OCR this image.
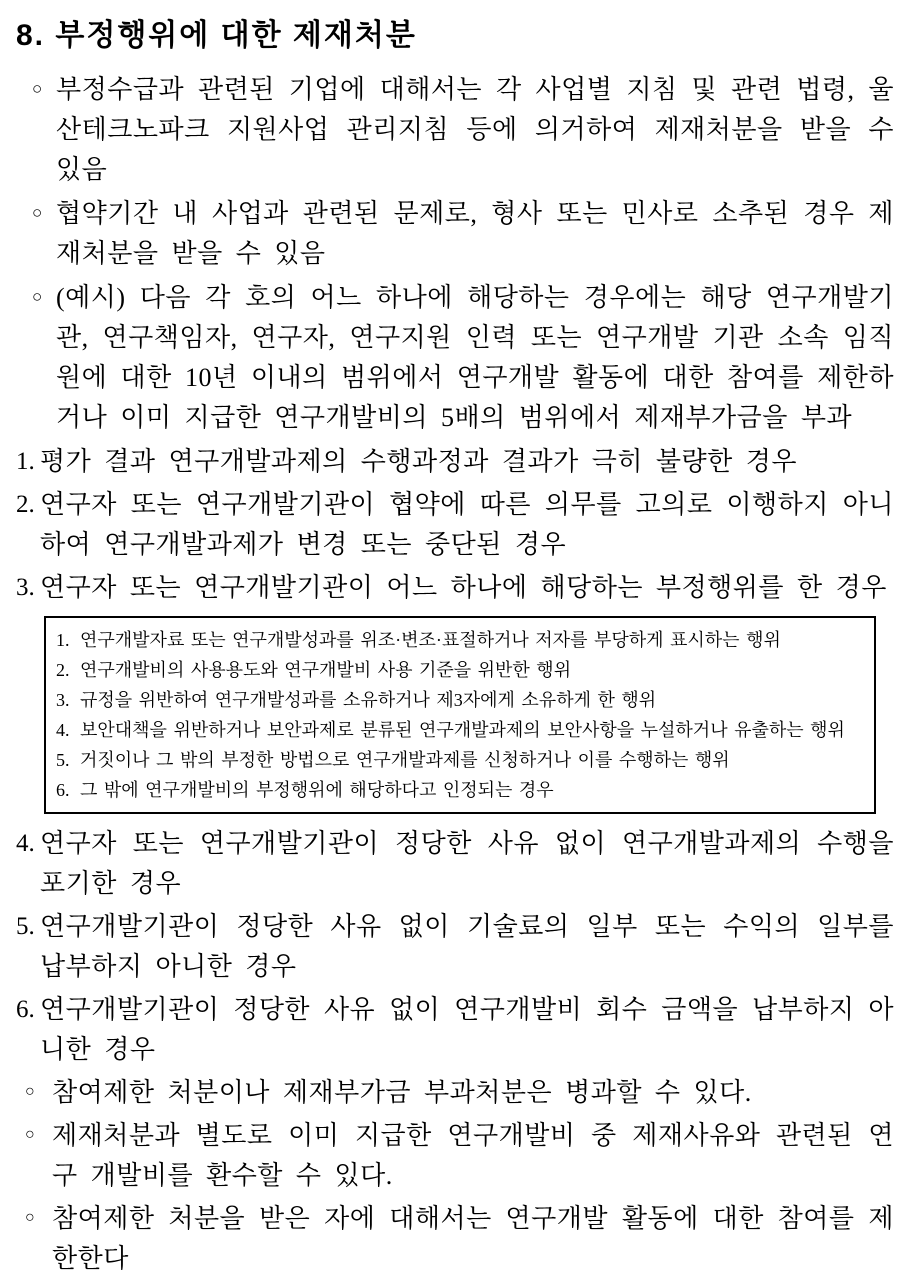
8. 부정행위에 대한 제재처분
○ 부정수급과 관련된 기업에 대해서는 각 사업별 지침 및 관련 법령, 울산테크노파크 지원사업 관리지침 등에 의거하여 제재처분을 받을 수 있음

○ 협약기간 내 사업과 관련된 문제로, 형사 또는 민사로 소추된 경우 제재처분을 받을 수 있음

○ (예시) 다음 각 호의 어느 하나에 해당하는 경우에는 해당 연구개발기관, 연구책임자, 연구자, 연구지원 인력 또는 연구개발 기관 소속 임직원에 대한 10년 이내의 범위에서 연구개발 활동에 대한 참여를 제한하거나 이미 지급한 연구개발비의 5배의 범위에서 제재부가금을 부과

1. 평가 결과 연구개발과제의 수행과정과 결과가 극히 불량한 경우

2. 연구자 또는 연구개발기관이 협약에 따른 의무를 고의로 이행하지 아니하여 연구개발과제가 변경 또는 중단된 경우

3. 연구자 또는 연구개발기관이 어느 하나에 해당하는 부정행위를 한 경우

1. 연구개발자료 또는 연구개발성과를 위조·변조·표절하거나 저자를 부당하게 표시하는 행위

2. 연구개발비의 사용용도와 연구개발비 사용 기준을 위반한 행위

3. 규정을 위반하여 연구개발성과를 소유하거나 제3자에게 소유하게 한 행위

4. 보안대책을 위반하거나 보안과제로 분류된 연구개발과제의 보안사항을 누설하거나 유출하는 행위

5. 거짓이나 그 밖의 부정한 방법으로 연구개발과제를 신청하거나 이를 수행하는 행위

6. 그 밖에 연구개발비의 부정행위에 해당하다고 인정되는 경우

4. 연구자 또는 연구개발기관이 정당한 사유 없이 연구개발과제의 수행을 포기한 경우

5. 연구개발기관이 정당한 사유 없이 기술료의 일부 또는 수익의 일부를 납부하지 아니한 경우

6. 연구개발기관이 정당한 사유 없이 연구개발비 회수 금액을 납부하지 아니한 경우

○ 참여제한 처분이나 제재부가금 부과처분은 병과할 수 있다.

○ 제재처분과 별도로 이미 지급한 연구개발비 중 제재사유와 관련된 연구 개발비를 환수할 수 있다.

○ 참여제한 처분을 받은 자에 대해서는 연구개발 활동에 대한 참여를 제한한다
